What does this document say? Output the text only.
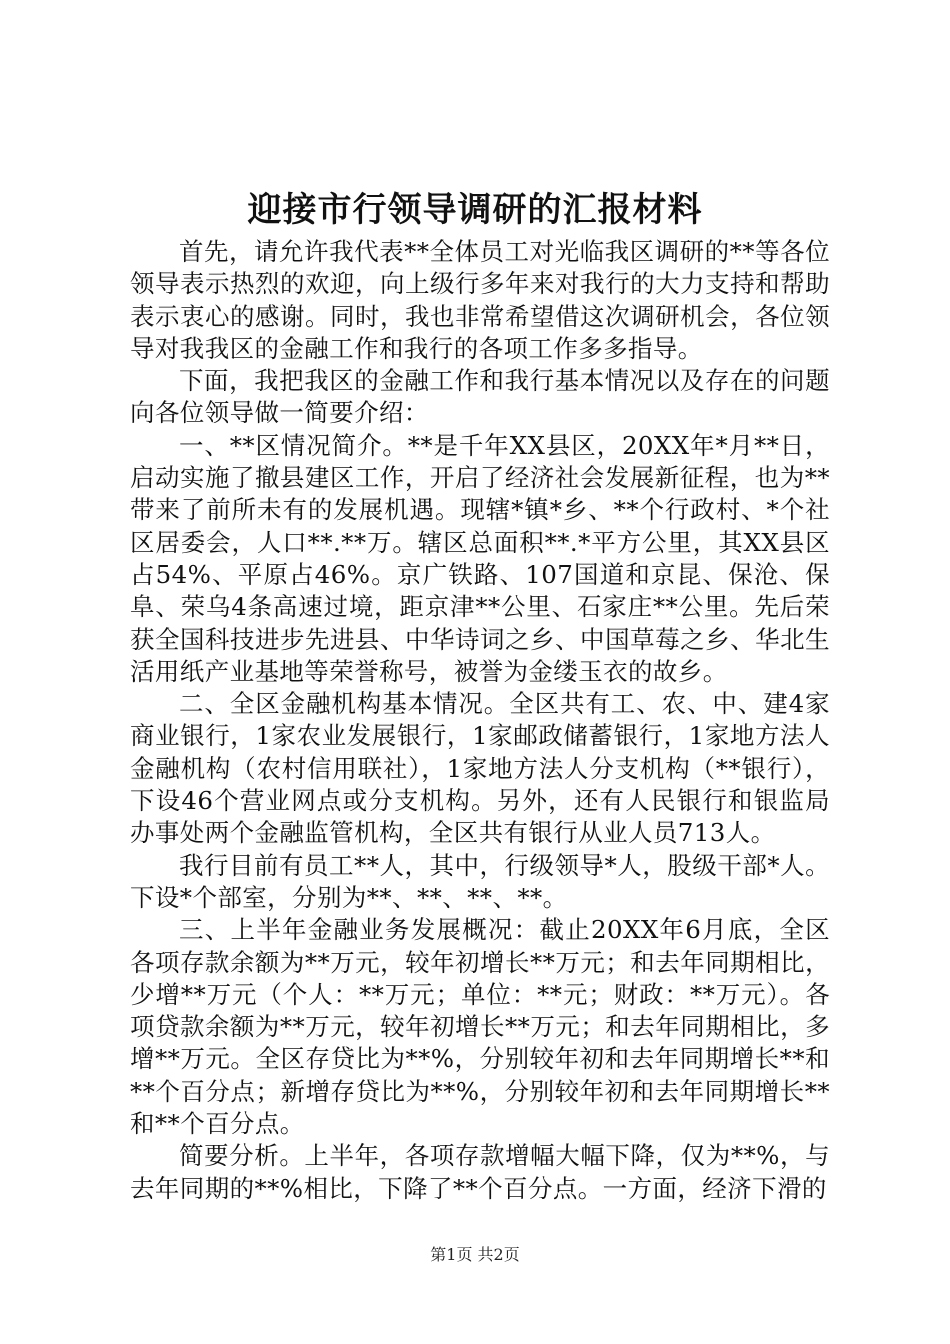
迎接市行领导调研的汇报材料

首先，请允许我代表**全体员工对光临我区调研的**等各位领导表示热烈的欢迎，向上级行多年来对我行的大力支持和帮助表示衷心的感谢。同时，我也非常希望借这次调研机会，各位领导对我我区的金融工作和我行的各项工作多多指导。

下面，我把我区的金融工作和我行基本情况以及存在的问题向各位领导做一简要介绍：

一、**区情况简介。**是千年XX县区，20XX年*月**日，启动实施了撤县建区工作，开启了经济社会发展新征程，也为**带来了前所未有的发展机遇。现辖*镇*乡、**个行政村、*个社区居委会，人口**.**万。辖区总面积**.*平方公里，其XX县区占54%、平原占46%。京广铁路、107国道和京昆、保沧、保阜、荣乌4条高速过境，距京津**公里、石家庄**公里。先后荣获全国科技进步先进县、中华诗词之乡、中国草莓之乡、华北生活用纸产业基地等荣誉称号，被誉为金缕玉衣的故乡。

二、全区金融机构基本情况。全区共有工、农、中、建4家商业银行，1家农业发展银行，1家邮政储蓄银行，1家地方法人金融机构（农村信用联社），1家地方法人分支机构（**银行），下设46个营业网点或分支机构。另外，还有人民银行和银监局办事处两个金融监管机构，全区共有银行从业人员713人。

我行目前有员工**人，其中，行级领导*人，股级干部*人。下设*个部室，分别为**、**、**、**。

三、上半年金融业务发展概况：截止20XX年6月底，全区各项存款余额为**万元，较年初增长**万元；和去年同期相比，少增**万元（个人：**万元；单位：**元；财政：**万元）。各项贷款余额为**万元，较年初增长**万元；和去年同期相比，多增**万元。全区存贷比为**%，分别较年初和去年同期增长**和**个百分点；新增存贷比为**%，分别较年初和去年同期增长**和**个百分点。

简要分析。上半年，各项存款增幅大幅下降，仅为**%，与去年同期的**%相比，下降了**个百分点。一方面，经济下滑的

第1页 共2页
